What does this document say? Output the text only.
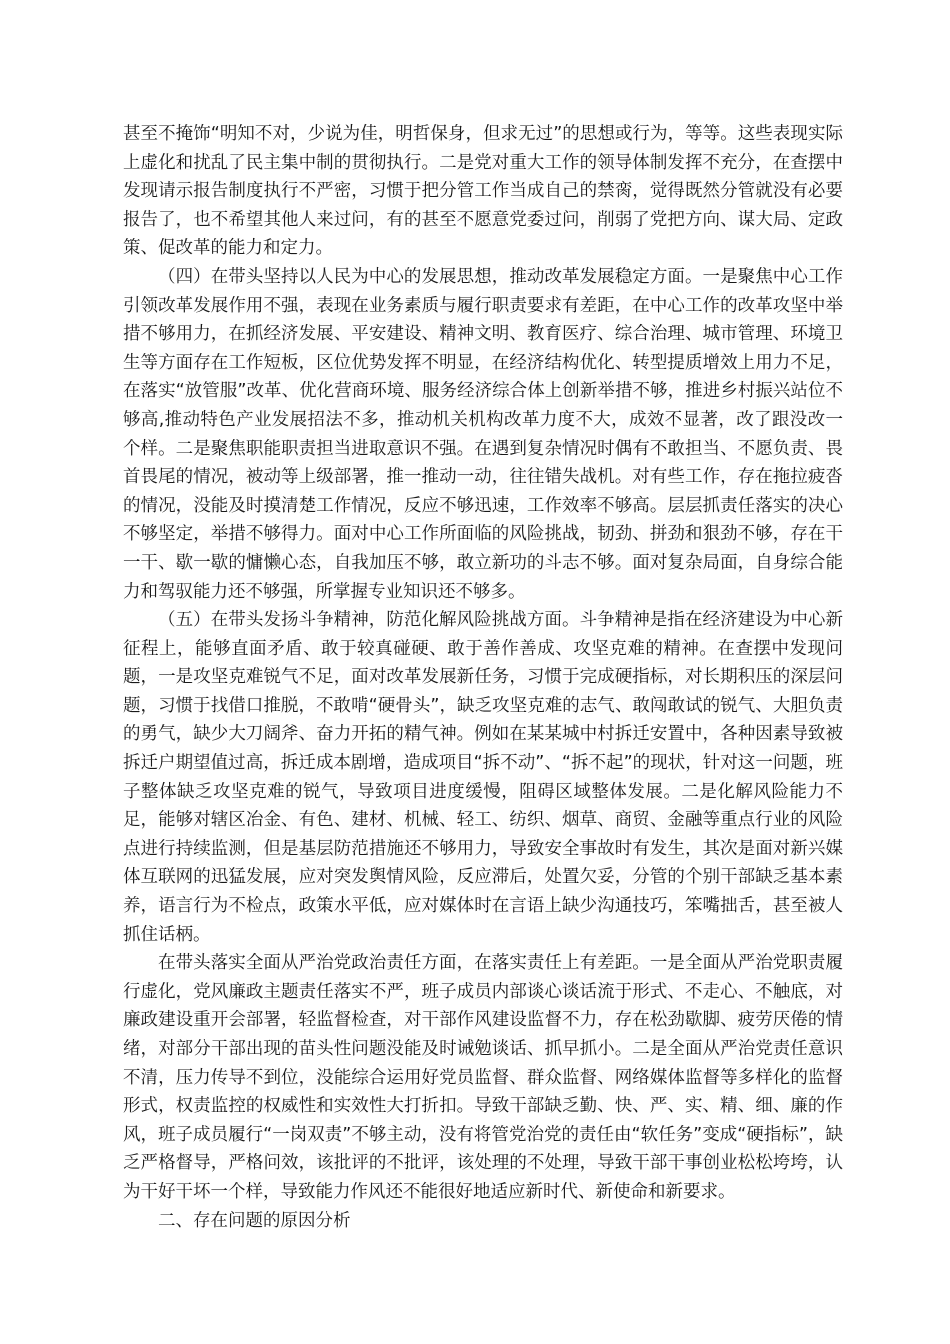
甚至不掩饰“明知不对，少说为佳，明哲保身，但求无过”的思想或行为，等等。这些表现实际上虚化和扰乱了民主集中制的贯彻执行。二是党对重大工作的领导体制发挥不充分，在查摆中发现请示报告制度执行不严密，习惯于把分管工作当成自己的禁脔，觉得既然分管就没有必要报告了，也不希望其他人来过问，有的甚至不愿意党委过问，削弱了党把方向、谋大局、定政策、促改革的能力和定力。

（四）在带头坚持以人民为中心的发展思想，推动改革发展稳定方面。一是聚焦中心工作引领改革发展作用不强，表现在业务素质与履行职责要求有差距，在中心工作的改革攻坚中举措不够用力，在抓经济发展、平安建设、精神文明、教育医疗、综合治理、城市管理、环境卫生等方面存在工作短板，区位优势发挥不明显，在经济结构优化、转型提质增效上用力不足，在落实“放管服”改革、优化营商环境、服务经济综合体上创新举措不够，推进乡村振兴站位不够高,推动特色产业发展招法不多，推动机关机构改革力度不大，成效不显著，改了跟没改一个样。二是聚焦职能职责担当进取意识不强。在遇到复杂情况时偶有不敢担当、不愿负责、畏首畏尾的情况，被动等上级部署，推一推动一动，往往错失战机。对有些工作，存在拖拉疲沓的情况，没能及时摸清楚工作情况，反应不够迅速，工作效率不够高。层层抓责任落实的决心不够坚定，举措不够得力。面对中心工作所面临的风险挑战，韧劲、拼劲和狠劲不够，存在干一干、歇一歇的慵懒心态，自我加压不够，敢立新功的斗志不够。面对复杂局面，自身综合能力和驾驭能力还不够强，所掌握专业知识还不够多。

（五）在带头发扬斗争精神，防范化解风险挑战方面。斗争精神是指在经济建设为中心新征程上，能够直面矛盾、敢于较真碰硬、敢于善作善成、攻坚克难的精神。在查摆中发现问题，一是攻坚克难锐气不足，面对改革发展新任务，习惯于完成硬指标，对长期积压的深层问题，习惯于找借口推脱，不敢啃“硬骨头”，缺乏攻坚克难的志气、敢闯敢试的锐气、大胆负责的勇气，缺少大刀阔斧、奋力开拓的精气神。例如在某某城中村拆迁安置中，各种因素导致被拆迁户期望值过高，拆迁成本剧增，造成项目“拆不动”、“拆不起”的现状，针对这一问题，班子整体缺乏攻坚克难的锐气，导致项目进度缓慢，阻碍区域整体发展。二是化解风险能力不足，能够对辖区冶金、有色、建材、机械、轻工、纺织、烟草、商贸、金融等重点行业的风险点进行持续监测，但是基层防范措施还不够用力，导致安全事故时有发生，其次是面对新兴媒体互联网的迅猛发展，应对突发舆情风险，反应滞后，处置欠妥，分管的个别干部缺乏基本素养，语言行为不检点，政策水平低，应对媒体时在言语上缺少沟通技巧，笨嘴拙舌，甚至被人抓住话柄。

在带头落实全面从严治党政治责任方面，在落实责任上有差距。一是全面从严治党职责履行虚化，党风廉政主题责任落实不严，班子成员内部谈心谈话流于形式、不走心、不触底，对廉政建设重开会部署，轻监督检查，对干部作风建设监督不力，存在松劲歇脚、疲劳厌倦的情绪，对部分干部出现的苗头性问题没能及时诫勉谈话、抓早抓小。二是全面从严治党责任意识不清，压力传导不到位，没能综合运用好党员监督、群众监督、网络媒体监督等多样化的监督形式，权责监控的权威性和实效性大打折扣。导致干部缺乏勤、快、严、实、精、细、廉的作风，班子成员履行“一岗双责”不够主动，没有将管党治党的责任由“软任务”变成“硬指标”，缺乏严格督导，严格问效，该批评的不批评，该处理的不处理，导致干部干事创业松松垮垮，认为干好干坏一个样，导致能力作风还不能很好地适应新时代、新使命和新要求。

二、存在问题的原因分析
